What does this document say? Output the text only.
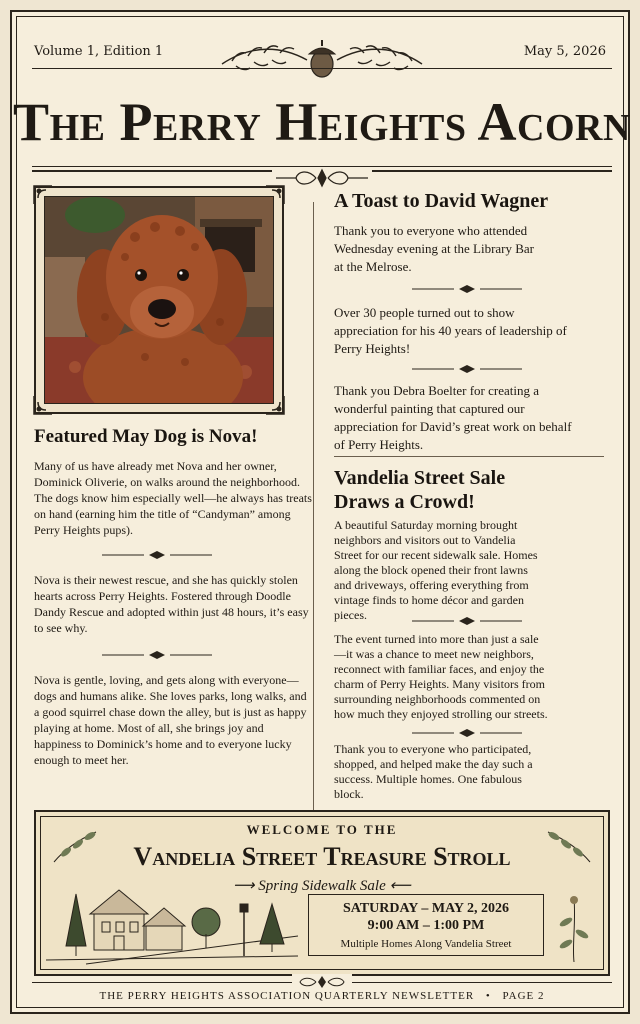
Volume 1, Edition 1	May 5, 2026
The Perry Heights Acorn
Featured May Dog is Nova!

Many of us have already met Nova and her owner, Dominick Oliverie, on walks around the neighborhood. The dogs know him especially well—he always has treats on hand (earning him the title of “Candyman” among Perry Heights pups).

Nova is their newest rescue, and she has quickly stolen hearts across Perry Heights. Fostered through Doodle Dandy Rescue and adopted within just 48 hours, it’s easy to see why.

Nova is gentle, loving, and gets along with everyone—dogs and humans alike. She loves parks, long walks, and a good squirrel chase down the alley, but is just as happy playing at home. Most of all, she brings joy and happiness to Dominick’s home and to everyone lucky enough to meet her.

A Toast to David Wagner

Thank you to everyone who attended Wednesday evening at the Library Bar at the Melrose.

Over 30 people turned out to show appreciation for his 40 years of leadership of Perry Heights!

Thank you Debra Boelter for creating a wonderful painting that captured our appreciation for David’s great work on behalf of Perry Heights.

Vandelia Street Sale
Draws a Crowd!

A beautiful Saturday morning brought neighbors and visitors out to Vandelia Street for our recent sidewalk sale. Homes along the block opened their front lawns and driveways, offering everything from vintage finds to home décor and garden pieces.

The event turned into more than just a sale—it was a chance to meet new neighbors, reconnect with familiar faces, and enjoy the charm of Perry Heights. Many visitors from surrounding neighborhoods commented on how much they enjoyed strolling our streets.

Thank you to everyone who participated, shopped, and helped make the day such a success. Multiple homes. One fabulous block.

WELCOME TO THE
Vandelia Street Treasure Stroll
⟶ Spring Sidewalk Sale ⟵
SATURDAY – MAY 2, 2026
9:00 AM – 1:00 PM
Multiple Homes Along Vandelia Street
THE PERRY HEIGHTS ASSOCIATION QUARTERLY NEWSLETTER • PAGE 2
